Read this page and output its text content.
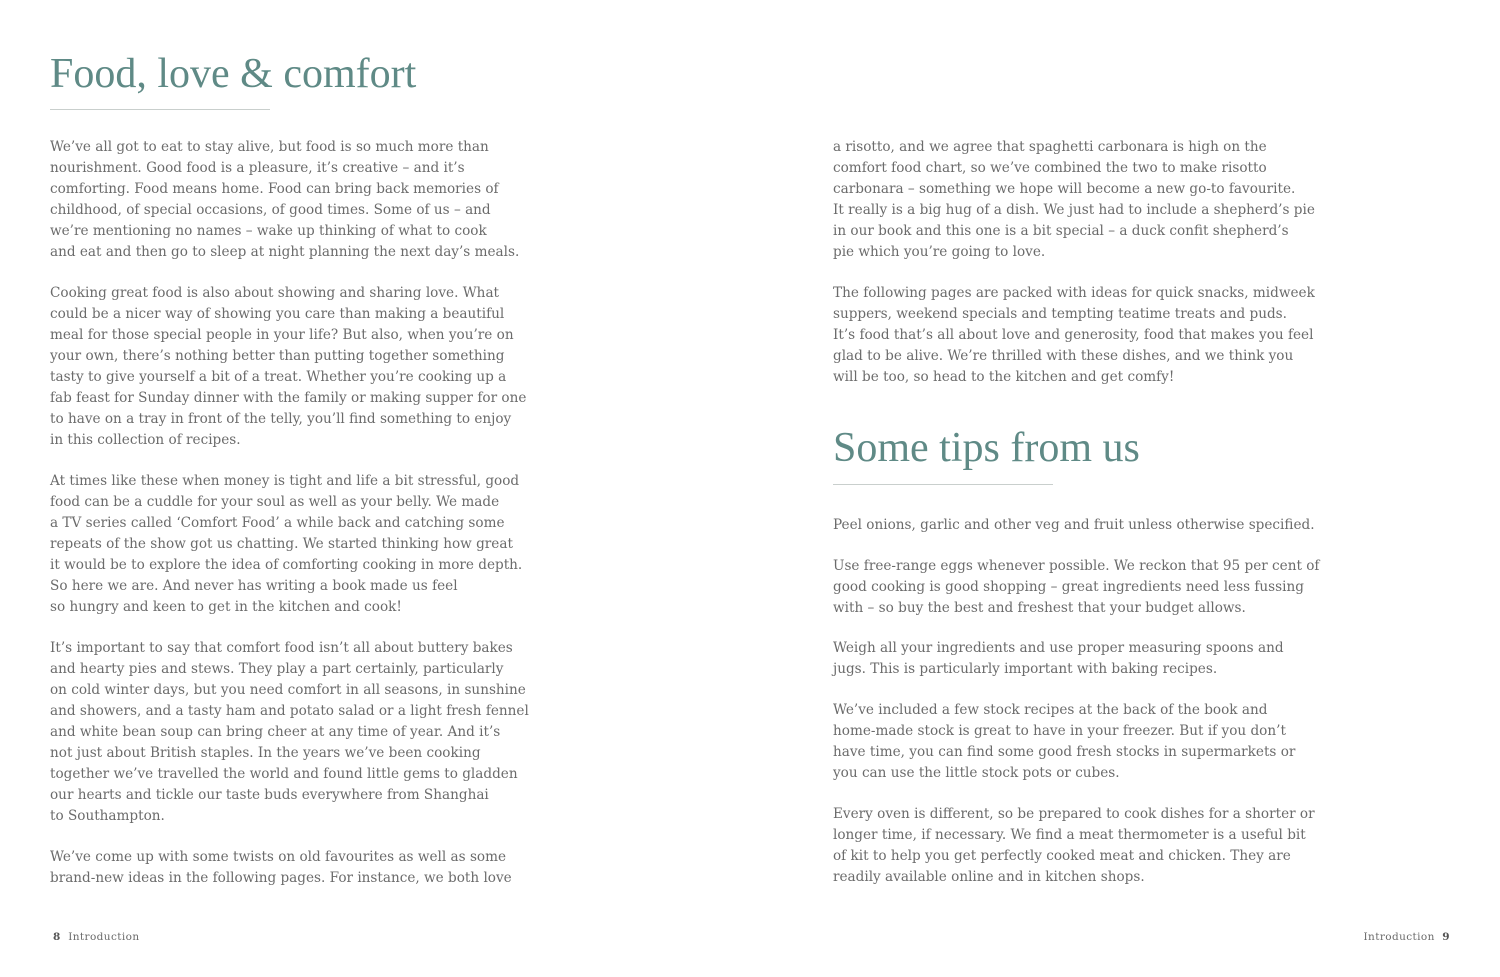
Food, love & comfort

We’ve all got to eat to stay alive, but food is so much more than
nourishment. Good food is a pleasure, it’s creative – and it’s
comforting. Food means home. Food can bring back memories of
childhood, of special occasions, of good times. Some of us – and
we’re mentioning no names – wake up thinking of what to cook
and eat and then go to sleep at night planning the next day’s meals.

Cooking great food is also about showing and sharing love. What
could be a nicer way of showing you care than making a beautiful
meal for those special people in your life? But also, when you’re on
your own, there’s nothing better than putting together something
tasty to give yourself a bit of a treat. Whether you’re cooking up a
fab feast for Sunday dinner with the family or making supper for one
to have on a tray in front of the telly, you’ll find something to enjoy
in this collection of recipes.

At times like these when money is tight and life a bit stressful, good
food can be a cuddle for your soul as well as your belly. We made
a TV series called ‘Comfort Food’ a while back and catching some
repeats of the show got us chatting. We started thinking how great
it would be to explore the idea of comforting cooking in more depth.
So here we are. And never has writing a book made us feel
so hungry and keen to get in the kitchen and cook!

It’s important to say that comfort food isn’t all about buttery bakes
and hearty pies and stews. They play a part certainly, particularly
on cold winter days, but you need comfort in all seasons, in sunshine
and showers, and a tasty ham and potato salad or a light fresh fennel
and white bean soup can bring cheer at any time of year. And it’s
not just about British staples. In the years we’ve been cooking
together we’ve travelled the world and found little gems to gladden
our hearts and tickle our taste buds everywhere from Shanghai
to Southampton.

We’ve come up with some twists on old favourites as well as some
brand-new ideas in the following pages. For instance, we both love

8 Introduction

a risotto, and we agree that spaghetti carbonara is high on the
comfort food chart, so we’ve combined the two to make risotto
carbonara – something we hope will become a new go-to favourite.
It really is a big hug of a dish. We just had to include a shepherd’s pie
in our book and this one is a bit special – a duck confit shepherd’s
pie which you’re going to love.

The following pages are packed with ideas for quick snacks, midweek
suppers, weekend specials and tempting teatime treats and puds.
It’s food that’s all about love and generosity, food that makes you feel
glad to be alive. We’re thrilled with these dishes, and we think you
will be too, so head to the kitchen and get comfy!

Some tips from us

Peel onions, garlic and other veg and fruit unless otherwise specified.

Use free-range eggs whenever possible. We reckon that 95 per cent of
good cooking is good shopping – great ingredients need less fussing
with – so buy the best and freshest that your budget allows.

Weigh all your ingredients and use proper measuring spoons and
jugs. This is particularly important with baking recipes.

We’ve included a few stock recipes at the back of the book and
home-made stock is great to have in your freezer. But if you don’t
have time, you can find some good fresh stocks in supermarkets or
you can use the little stock pots or cubes.

Every oven is different, so be prepared to cook dishes for a shorter or
longer time, if necessary. We find a meat thermometer is a useful bit
of kit to help you get perfectly cooked meat and chicken. They are
readily available online and in kitchen shops.

Introduction 9
